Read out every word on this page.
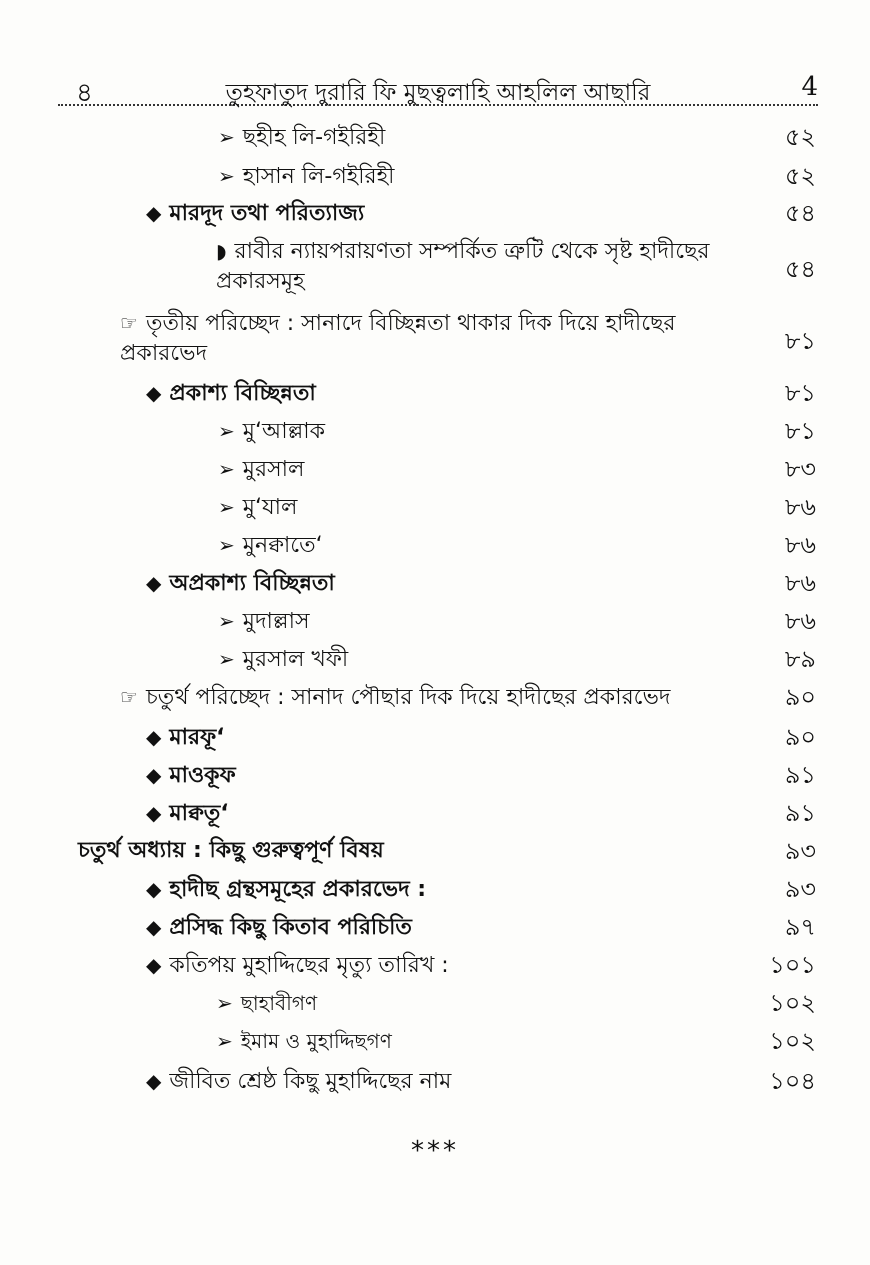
৪	তুহফাতুদ দুরারি ফি মুছত্বলাহি আহলিল আছারি	4
➢ ছহীহ লি-গইরিহী	৫২
➢ হাসান লি-গইরিহী	৫২
◆ মারদূদ তথা পরিত্যাজ্য	৫৪
◗ রাবীর ন্যায়পরায়ণতা সম্পর্কিত ত্রুটি থেকে সৃষ্ট হাদীছের প্রকারসমূহ	৫৪
☞ তৃতীয় পরিচ্ছেদ : সানাদে বিচ্ছিন্নতা থাকার দিক দিয়ে হাদীছের প্রকারভেদ	৮১
◆ প্রকাশ্য বিচ্ছিন্নতা	৮১
➢ মু‘আল্লাক	৮১
➢ মুরসাল	৮৩
➢ মু‘যাল	৮৬
➢ মুনক্বাতে‘	৮৬
◆ অপ্রকাশ্য বিচ্ছিন্নতা	৮৬
➢ মুদাল্লাস	৮৬
➢ মুরসাল খফী	৮৯
☞ চতুর্থ পরিচ্ছেদ : সানাদ পৌছার দিক দিয়ে হাদীছের প্রকারভেদ	৯০
◆ মারফূ‘	৯০
◆ মাওকূফ	৯১
◆ মাক্বতূ‘	৯১
চতুর্থ অধ্যায় : কিছু গুরুত্বপূর্ণ বিষয়	৯৩
◆ হাদীছ গ্রন্থসমূহের প্রকারভেদ :	৯৩
◆ প্রসিদ্ধ কিছু কিতাব পরিচিতি	৯৭
◆ কতিপয় মুহাদ্দিছের মৃত্যু তারিখ :	১০১
➢ ছাহাবীগণ	১০২
➢ ইমাম ও মুহাদ্দিছগণ	১০২
◆ জীবিত শ্রেষ্ঠ কিছু মুহাদ্দিছের নাম	১০৪
***
